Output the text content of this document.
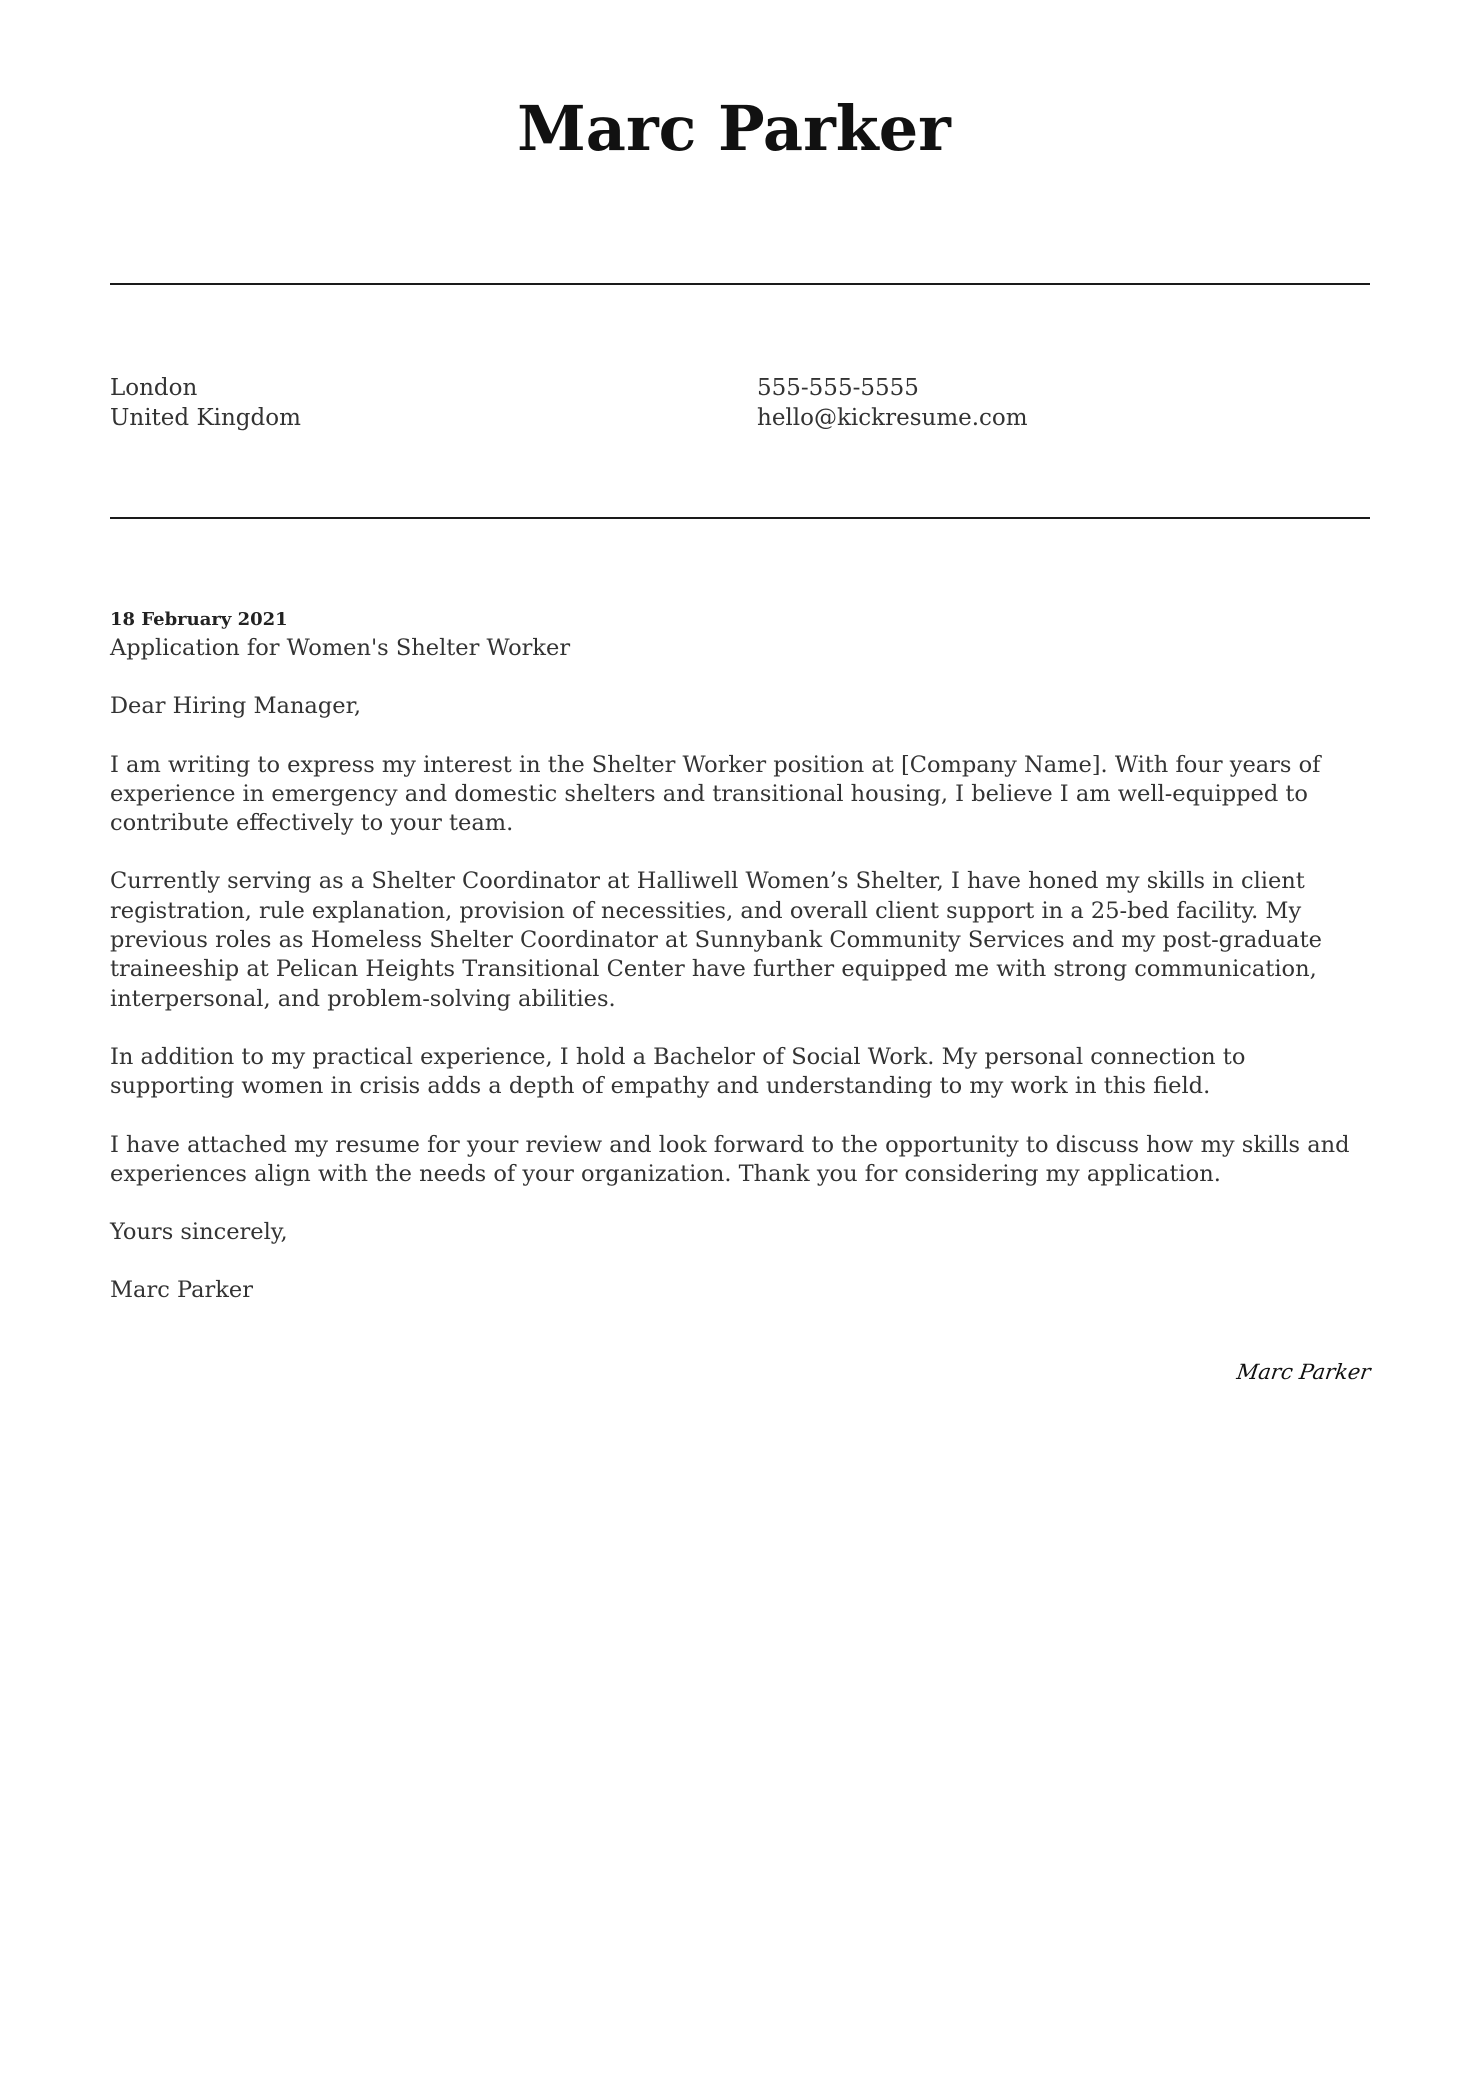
Marc Parker
London
United Kingdom
555-555-5555
hello@kickresume.com
18 February 2021
Application for Women's Shelter Worker
Dear Hiring Manager,
I am writing to express my interest in the Shelter Worker position at [Company Name]. With four years of experience in emergency and domestic shelters and transitional housing, I believe I am well-equipped to contribute effectively to your team.
Currently serving as a Shelter Coordinator at Halliwell Women’s Shelter, I have honed my skills in client registration, rule explanation, provision of necessities, and overall client support in a 25-bed facility. My previous roles as Homeless Shelter Coordinator at Sunnybank Community Services and my post-graduate traineeship at Pelican Heights Transitional Center have further equipped me with strong communication, interpersonal, and problem-solving abilities.
In addition to my practical experience, I hold a Bachelor of Social Work. My personal connection to supporting women in crisis adds a depth of empathy and understanding to my work in this field.
I have attached my resume for your review and look forward to the opportunity to discuss how my skills and experiences align with the needs of your organization. Thank you for considering my application.
Yours sincerely,
Marc Parker
Marc Parker
